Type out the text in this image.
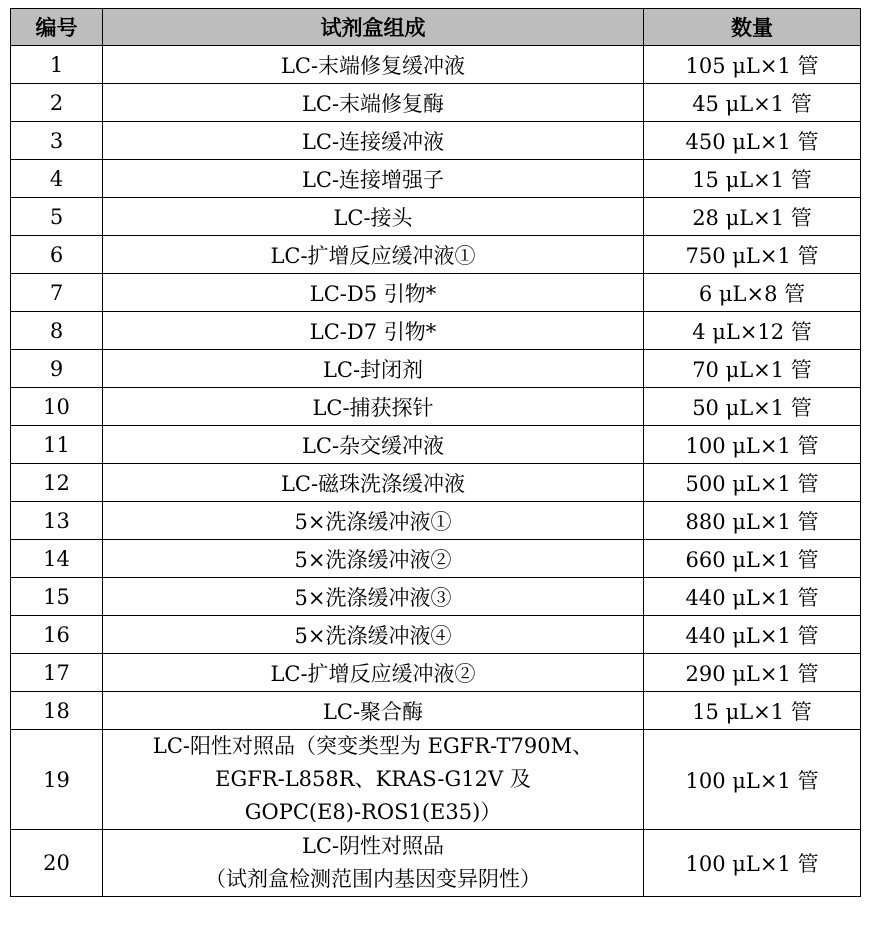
编号	试剂盒组成	数量
1	LC-末端修复缓冲液	105 μL×1 管
2	LC-末端修复酶	45 μL×1 管
3	LC-连接缓冲液	450 μL×1 管
4	LC-连接增强子	15 μL×1 管
5	LC-接头	28 μL×1 管
6	LC-扩增反应缓冲液①	750 μL×1 管
7	LC-D5 引物*	6 μL×8 管
8	LC-D7 引物*	4 μL×12 管
9	LC-封闭剂	70 μL×1 管
10	LC-捕获探针	50 μL×1 管
11	LC-杂交缓冲液	100 μL×1 管
12	LC-磁珠洗涤缓冲液	500 μL×1 管
13	5×洗涤缓冲液①	880 μL×1 管
14	5×洗涤缓冲液②	660 μL×1 管
15	5×洗涤缓冲液③	440 μL×1 管
16	5×洗涤缓冲液④	440 μL×1 管
17	LC-扩增反应缓冲液②	290 μL×1 管
18	LC-聚合酶	15 μL×1 管
19	LC-阳性对照品（突变类型为 EGFR-T790M、
EGFR-L858R、KRAS-G12V 及
GOPC(E8)-ROS1(E35)）	100 μL×1 管
20	LC-阴性对照品
（试剂盒检测范围内基因变异阴性）	100 μL×1 管
